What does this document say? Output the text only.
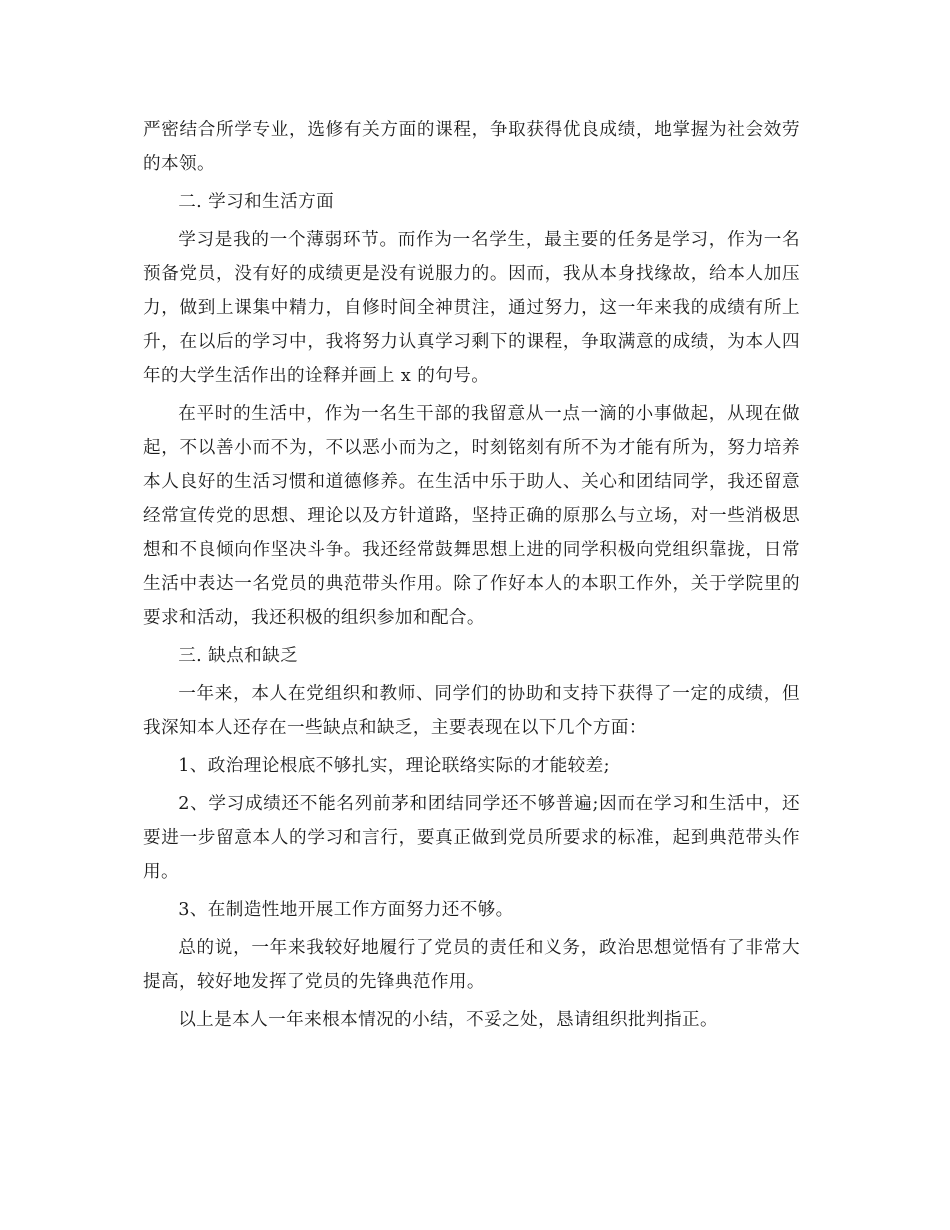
严密结合所学专业，选修有关方面的课程，争取获得优良成绩，地掌握为社会效劳的本领。

二. 学习和生活方面

学习是我的一个薄弱环节。而作为一名学生，最主要的任务是学习，作为一名预备党员，没有好的成绩更是没有说服力的。因而，我从本身找缘故，给本人加压力，做到上课集中精力，自修时间全神贯注，通过努力，这一年来我的成绩有所上升，在以后的学习中，我将努力认真学习剩下的课程，争取满意的成绩，为本人四年的大学生活作出的诠释并画上 x 的句号。

在平时的生活中，作为一名生干部的我留意从一点一滴的小事做起，从现在做起，不以善小而不为，不以恶小而为之，时刻铭刻有所不为才能有所为，努力培养本人良好的生活习惯和道德修养。在生活中乐于助人、关心和团结同学，我还留意经常宣传党的思想、理论以及方针道路，坚持正确的原那么与立场，对一些消极思想和不良倾向作坚决斗争。我还经常鼓舞思想上进的同学积极向党组织靠拢，日常生活中表达一名党员的典范带头作用。除了作好本人的本职工作外，关于学院里的要求和活动，我还积极的组织参加和配合。

三. 缺点和缺乏

一年来，本人在党组织和教师、同学们的协助和支持下获得了一定的成绩，但我深知本人还存在一些缺点和缺乏，主要表现在以下几个方面：

1、政治理论根底不够扎实，理论联络实际的才能较差;

2、学习成绩还不能名列前茅和团结同学还不够普遍;因而在学习和生活中，还要进一步留意本人的学习和言行，要真正做到党员所要求的标准，起到典范带头作用。

3、在制造性地开展工作方面努力还不够。

总的说，一年来我较好地履行了党员的责任和义务，政治思想觉悟有了非常大提高，较好地发挥了党员的先锋典范作用。

以上是本人一年来根本情况的小结，不妥之处，恳请组织批判指正。
